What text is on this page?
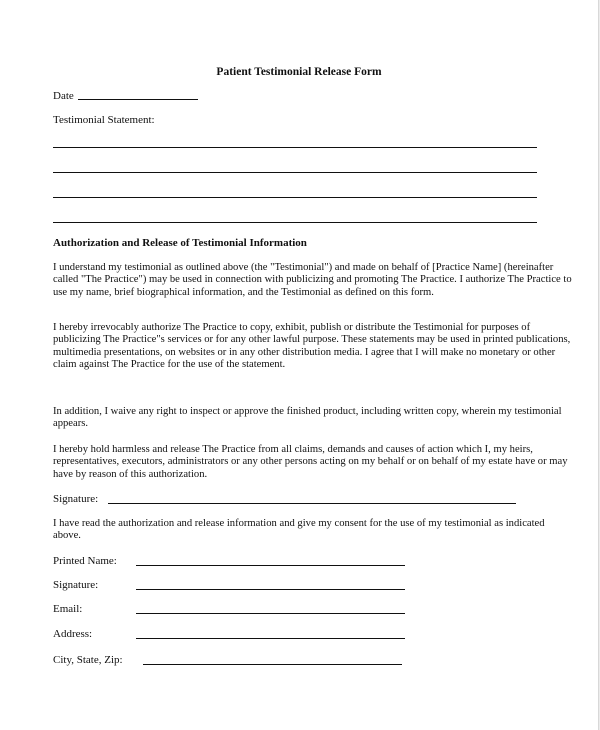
Patient Testimonial Release Form
Date
Testimonial Statement:
Authorization and Release of Testimonial Information
I understand my testimonial as outlined above (the "Testimonial") and made on behalf of [Practice Name] (hereinafter called "The Practice") may be used in connection with publicizing and promoting The Practice. I authorize The Practice to use my name, brief biographical information, and the Testimonial as defined on this form.
I hereby irrevocably authorize The Practice to copy, exhibit, publish or distribute the Testimonial for purposes of publicizing The Practice"s services or for any other lawful purpose. These statements may be used in printed publications, multimedia presentations, on websites or in any other distribution media. I agree that I will make no monetary or other claim against The Practice for the use of the statement.
In addition, I waive any right to inspect or approve the finished product, including written copy, wherein my testimonial appears.
I hereby hold harmless and release The Practice from all claims, demands and causes of action which I, my heirs, representatives, executors, administrators or any other persons acting on my behalf or on behalf of my estate have or may have by reason of this authorization.
Signature:
I have read the authorization and release information and give my consent for the use of my testimonial as indicated above.
Printed Name:
Signature:
Email:
Address:
City, State, Zip:
